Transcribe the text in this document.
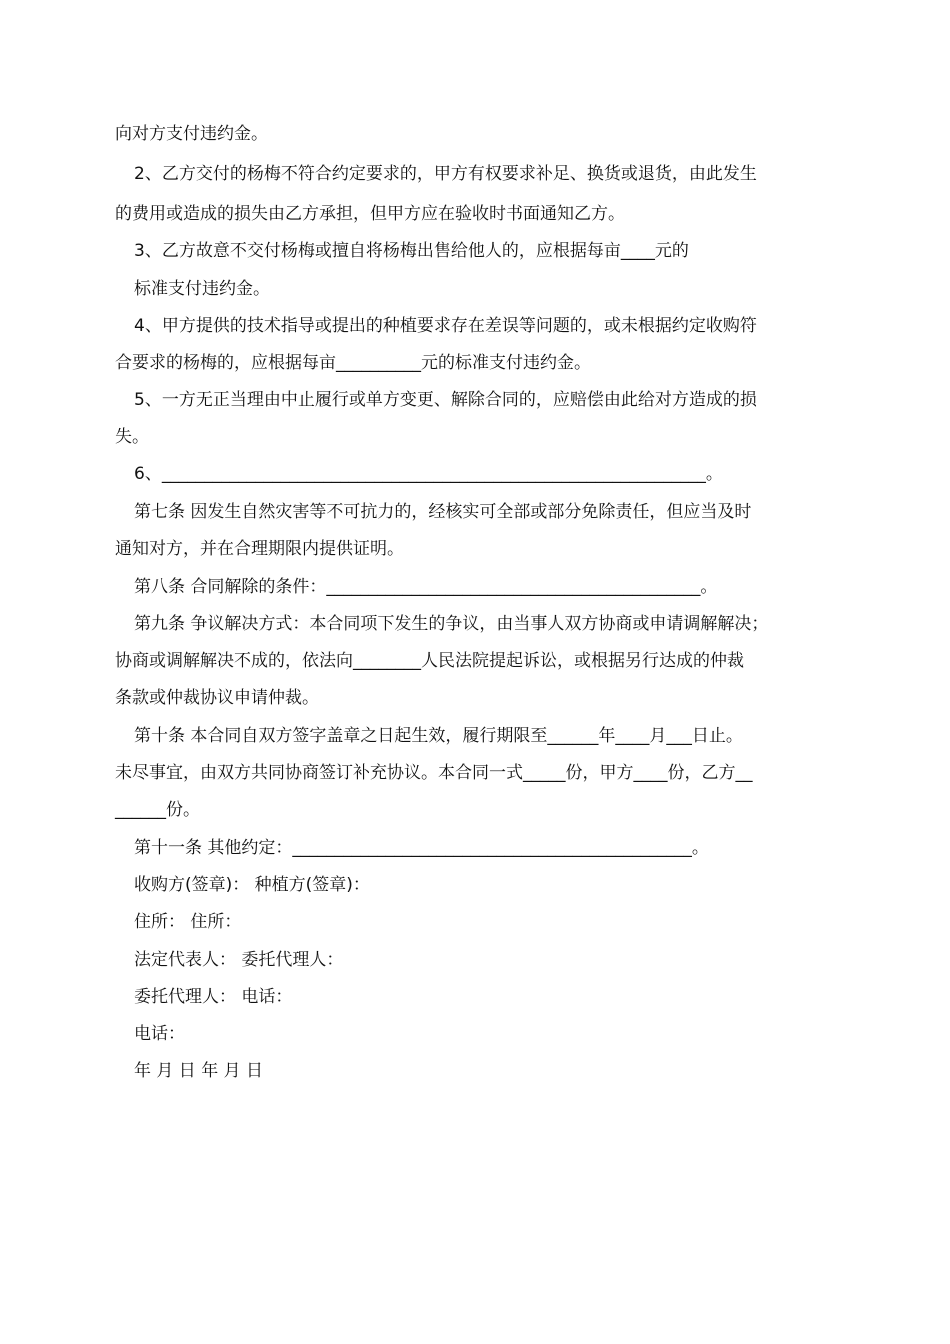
向对方支付违约金。

2、乙方交付的杨梅不符合约定要求的，甲方有权要求补足、换货或退货，由此发生

的费用或造成的损失由乙方承担，但甲方应在验收时书面通知乙方。

3、乙方故意不交付杨梅或擅自将杨梅出售给他人的，应根据每亩____元的

标准支付违约金。

4、甲方提供的技术指导或提出的种植要求存在差误等问题的，或未根据约定收购符

合要求的杨梅的，应根据每亩__________元的标准支付违约金。

5、一方无正当理由中止履行或单方变更、解除合同的，应赔偿由此给对方造成的损

失。

6、________________________________________________________________。

第七条 因发生自然灾害等不可抗力的，经核实可全部或部分免除责任，但应当及时

通知对方，并在合理期限内提供证明。

第八条 合同解除的条件：____________________________________________。

第九条 争议解决方式：本合同项下发生的争议，由当事人双方协商或申请调解解决；

协商或调解解决不成的，依法向________人民法院提起诉讼，或根据另行达成的仲裁

条款或仲裁协议申请仲裁。

第十条 本合同自双方签字盖章之日起生效，履行期限至______年____月___日止。

未尽事宜，由双方共同协商签订补充协议。本合同一式_____份，甲方____份，乙方__

______份。

第十一条 其他约定：_______________________________________________。

收购方(签章)： 种植方(签章)：

住所： 住所：

法定代表人： 委托代理人：

委托代理人： 电话：

电话：

年 月 日 年 月 日
